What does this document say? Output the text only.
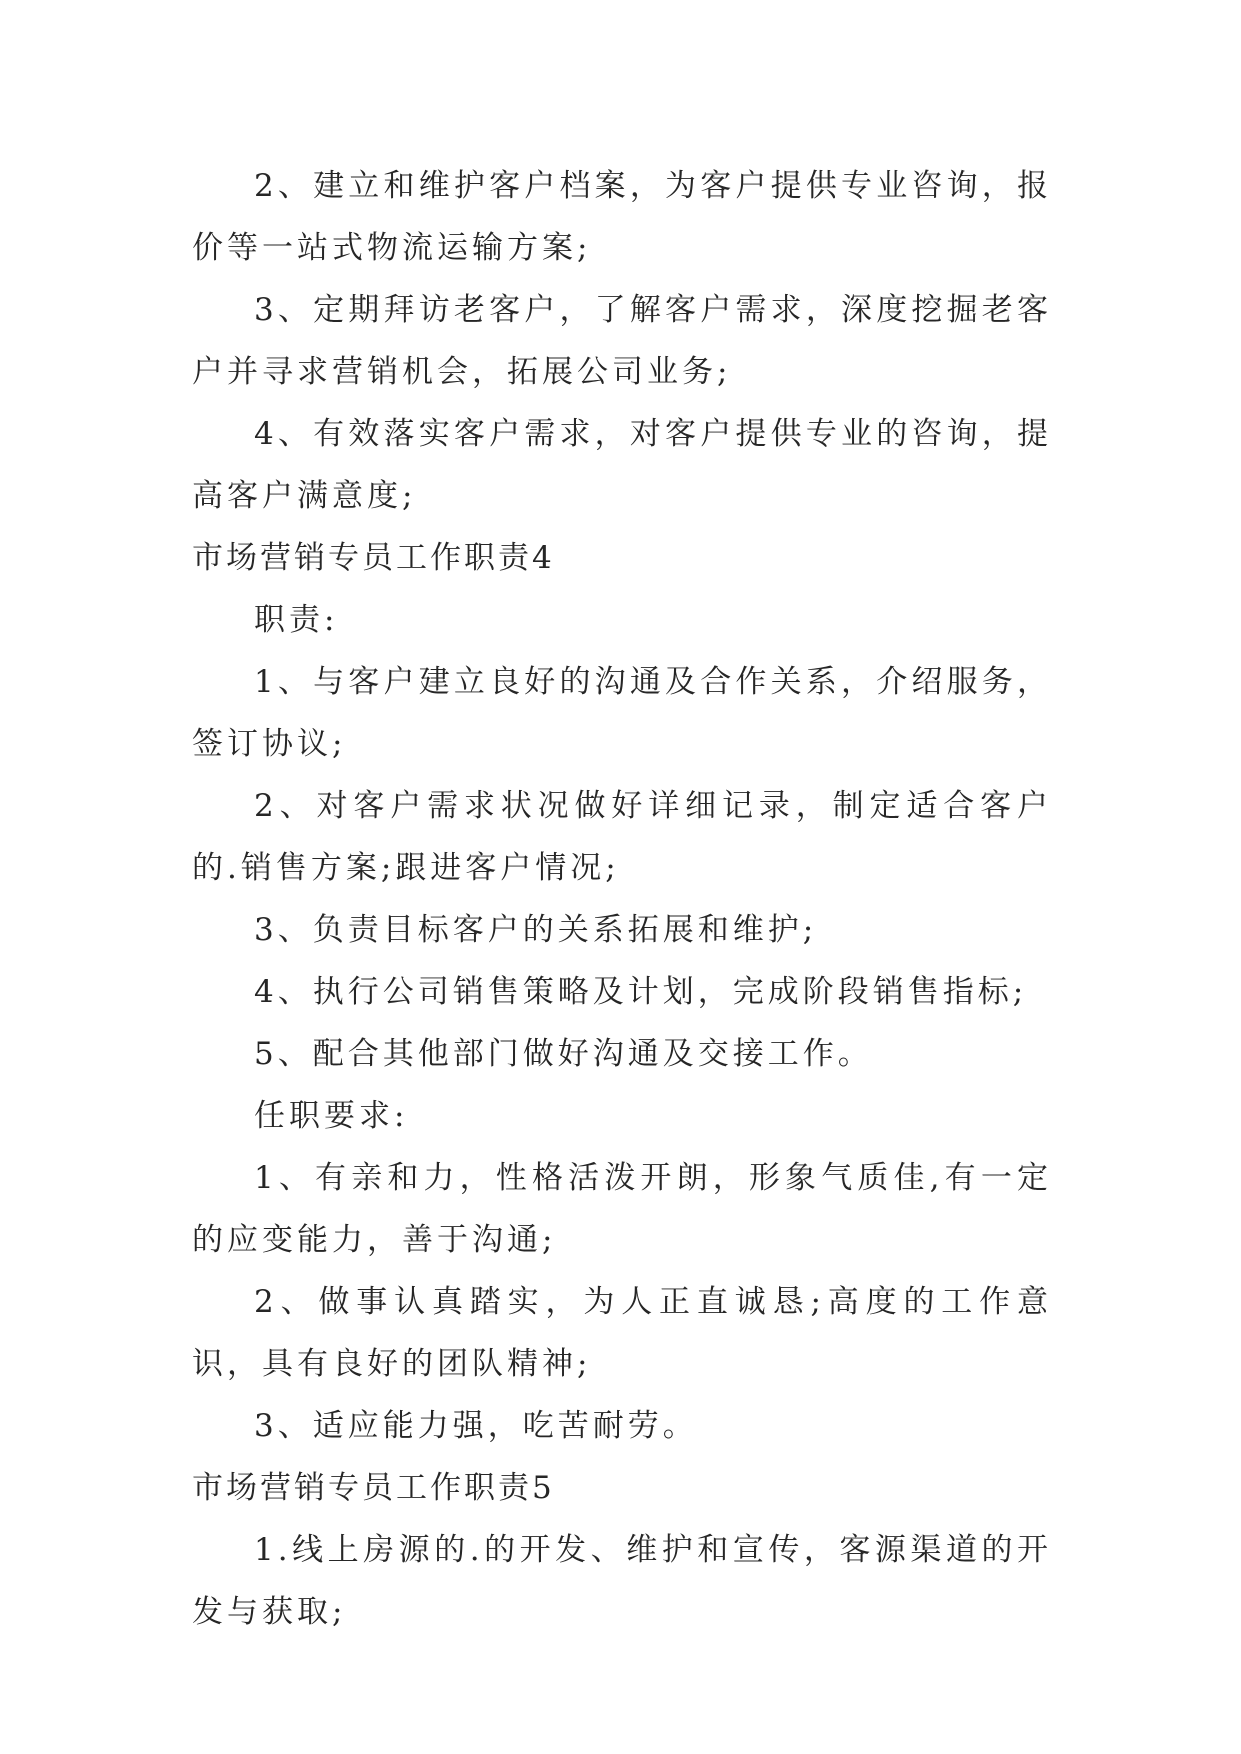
2、建立和维护客户档案，为客户提供专业咨询，报价等一站式物流运输方案;

3、定期拜访老客户，了解客户需求，深度挖掘老客户并寻求营销机会，拓展公司业务;

4、有效落实客户需求，对客户提供专业的咨询，提高客户满意度;

市场营销专员工作职责4

职责:

1、与客户建立良好的沟通及合作关系，介绍服务，签订协议;

2、对客户需求状况做好详细记录，制定适合客户的.销售方案;跟进客户情况;

3、负责目标客户的关系拓展和维护;

4、执行公司销售策略及计划，完成阶段销售指标;

5、配合其他部门做好沟通及交接工作。

任职要求:

1、有亲和力，性格活泼开朗，形象气质佳,有一定的应变能力，善于沟通;

2、做事认真踏实，为人正直诚恳;高度的工作意识，具有良好的团队精神;

3、适应能力强，吃苦耐劳。

市场营销专员工作职责5

1.线上房源的.的开发、维护和宣传，客源渠道的开发与获取;
